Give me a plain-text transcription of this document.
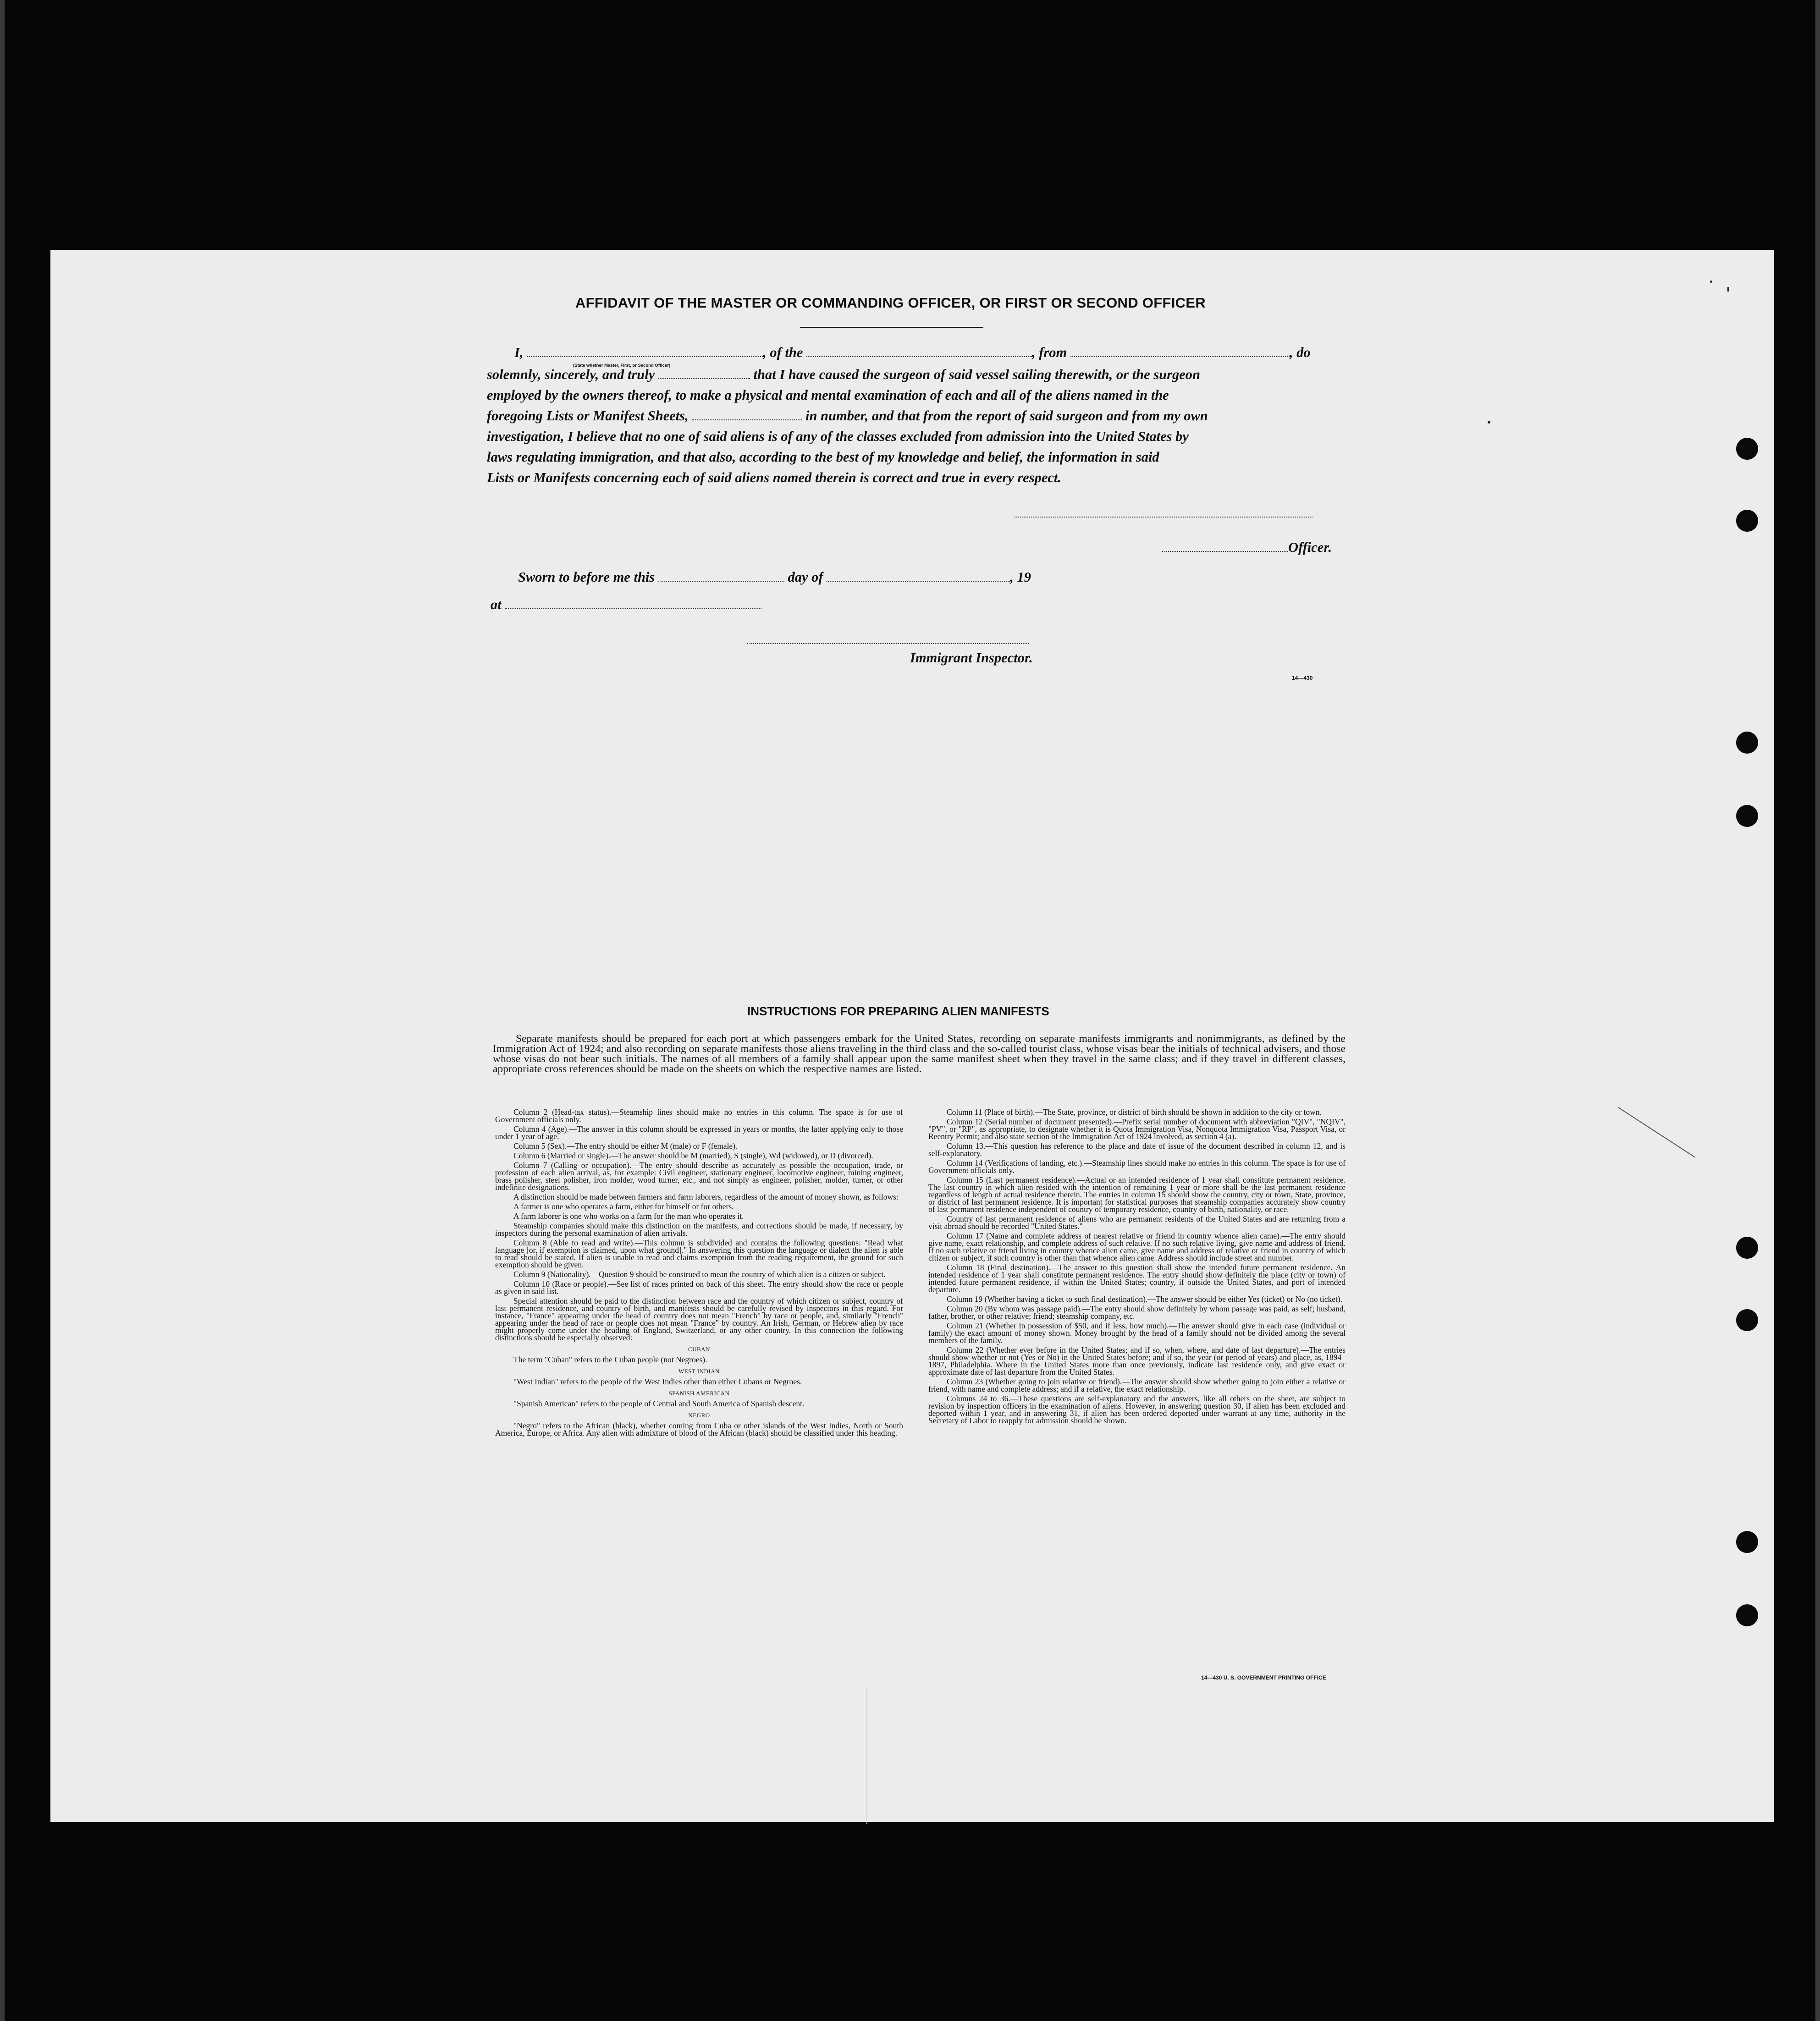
AFFIDAVIT OF THE MASTER OR COMMANDING OFFICER, OR FIRST OR SECOND OFFICER
I,	, of the	, from	, do
(State whether Master, First, or Second Officer)
solemnly, sincerely, and truly	that I have caused the surgeon of said vessel sailing therewith, or the surgeon
employed by the owners thereof, to make a physical and mental examination of each and all of the aliens named in the
foregoing Lists or Manifest Sheets,	in number, and that from the report of said surgeon and from my own
investigation, I believe that no one of said aliens is of any of the classes excluded from admission into the United States by
laws regulating immigration, and that also, according to the best of my knowledge and belief, the information in said
Lists or Manifests concerning each of said aliens named therein is correct and true in every respect.
Officer.
Sworn to before me this	day of	, 19
at
Immigrant Inspector.
14—430
INSTRUCTIONS FOR PREPARING ALIEN MANIFESTS
Separate manifests should be prepared for each port at which passengers embark for the United States, recording on separate manifests immigrants and nonimmigrants, as defined by the Immigration Act of 1924; and also recording on separate manifests those aliens traveling in the third class and the so-called tourist class, whose visas bear the initials of technical advisers, and those whose visas do not bear such initials. The names of all members of a family shall appear upon the same manifest sheet when they travel in the same class; and if they travel in different classes, appropriate cross references should be made on the sheets on which the respective names are listed.

Column 2 (Head-tax status).—Steamship lines should make no entries in this column. The space is for use of Government officials only.

Column 4 (Age).—The answer in this column should be expressed in years or months, the latter applying only to those under 1 year of age.

Column 5 (Sex).—The entry should be either M (male) or F (female).

Column 6 (Married or single).—The answer should be M (married), S (single), Wd (widowed), or D (divorced).

Column 7 (Calling or occupation).—The entry should describe as accurately as possible the occupation, trade, or profession of each alien arrival, as, for example: Civil engineer, stationary engineer, locomotive engineer, mining engineer, brass polisher, steel polisher, iron molder, wood turner, etc., and not simply as engineer, polisher, molder, turner, or other indefinite designations.

A distinction should be made between farmers and farm laborers, regardless of the amount of money shown, as follows:

A farmer is one who operates a farm, either for himself or for others.

A farm laborer is one who works on a farm for the man who operates it.

Steamship companies should make this distinction on the manifests, and corrections should be made, if necessary, by inspectors during the personal examination of alien arrivals.

Column 8 (Able to read and write).—This column is subdivided and contains the following questions: "Read what language [or, if exemption is claimed, upon what ground]." In answering this question the language or dialect the alien is able to read should be stated. If alien is unable to read and claims exemption from the reading requirement, the ground for such exemption should be given.

Column 9 (Nationality).—Question 9 should be construed to mean the country of which alien is a citizen or subject.

Column 10 (Race or people).—See list of races printed on back of this sheet. The entry should show the race or people as given in said list.

Special attention should be paid to the distinction between race and the country of which citizen or subject, country of last permanent residence, and country of birth, and manifests should be carefully revised by inspectors in this regard. For instance, "France" appearing under the head of country does not mean "French" by race or people, and, similarly "French" appearing under the head of race or people does not mean "France" by country. An Irish, German, or Hebrew alien by race might properly come under the heading of England, Switzerland, or any other country. In this connection the following distinctions should be especially observed:

CUBAN

The term "Cuban" refers to the Cuban people (not Negroes).

WEST INDIAN

"West Indian" refers to the people of the West Indies other than either Cubans or Negroes.

SPANISH AMERICAN

"Spanish American" refers to the people of Central and South America of Spanish descent.

NEGRO

"Negro" refers to the African (black), whether coming from Cuba or other islands of the West Indies, North or South America, Europe, or Africa. Any alien with admixture of blood of the African (black) should be classified under this heading.

Column 11 (Place of birth).—The State, province, or district of birth should be shown in addition to the city or town.

Column 12 (Serial number of document presented).—Prefix serial number of document with abbreviation "QIV", "NQIV", "PV", or "RP", as appropriate, to designate whether it is Quota Immigration Visa, Nonquota Immigration Visa, Passport Visa, or Reentry Permit; and also state section of the Immigration Act of 1924 involved, as section 4 (a).

Column 13.—This question has reference to the place and date of issue of the document described in column 12, and is self-explanatory.

Column 14 (Verifications of landing, etc.).—Steamship lines should make no entries in this column. The space is for use of Government officials only.

Column 15 (Last permanent residence).—Actual or an intended residence of 1 year shall constitute permanent residence. The last country in which alien resided with the intention of remaining 1 year or more shall be the last permanent residence regardless of length of actual residence therein. The entries in column 15 should show the country, city or town, State, province, or district of last permanent residence. It is important for statistical purposes that steamship companies accurately show country of last permanent residence independent of country of temporary residence, country of birth, nationality, or race.

Country of last permanent residence of aliens who are permanent residents of the United States and are returning from a visit abroad should be recorded "United States."

Column 17 (Name and complete address of nearest relative or friend in country whence alien came).—The entry should give name, exact relationship, and complete address of such relative. If no such relative living, give name and address of friend. If no such relative or friend living in country whence alien came, give name and address of relative or friend in country of which citizen or subject, if such country is other than that whence alien came. Address should include street and number.

Column 18 (Final destination).—The answer to this question shall show the intended future permanent residence. An intended residence of 1 year shall constitute permanent residence. The entry should show definitely the place (city or town) of intended future permanent residence, if within the United States; country, if outside the United States, and port of intended departure.

Column 19 (Whether having a ticket to such final destination).—The answer should be either Yes (ticket) or No (no ticket).

Column 20 (By whom was passage paid).—The entry should show definitely by whom passage was paid, as self; husband, father, brother, or other relative; friend; steamship company, etc.

Column 21 (Whether in possession of $50, and if less, how much).—The answer should give in each case (individual or family) the exact amount of money shown. Money brought by the head of a family should not be divided among the several members of the family.

Column 22 (Whether ever before in the United States; and if so, when, where, and date of last departure).—The entries should show whether or not (Yes or No) in the United States before; and if so, the year (or period of years) and place, as, 1894–1897, Philadelphia. Where in the United States more than once previously, indicate last residence only, and give exact or approximate date of last departure from the United States.

Column 23 (Whether going to join relative or friend).—The answer should show whether going to join either a relative or friend, with name and complete address; and if a relative, the exact relationship.

Columns 24 to 36.—These questions are self-explanatory and the answers, like all others on the sheet, are subject to revision by inspection officers in the examination of aliens. However, in answering question 30, if alien has been excluded and deported within 1 year, and in answering 31, if alien has been ordered deported under warrant at any time, authority in the Secretary of Labor to reapply for admission should be shown.

14—430 U. S. GOVERNMENT PRINTING OFFICE
